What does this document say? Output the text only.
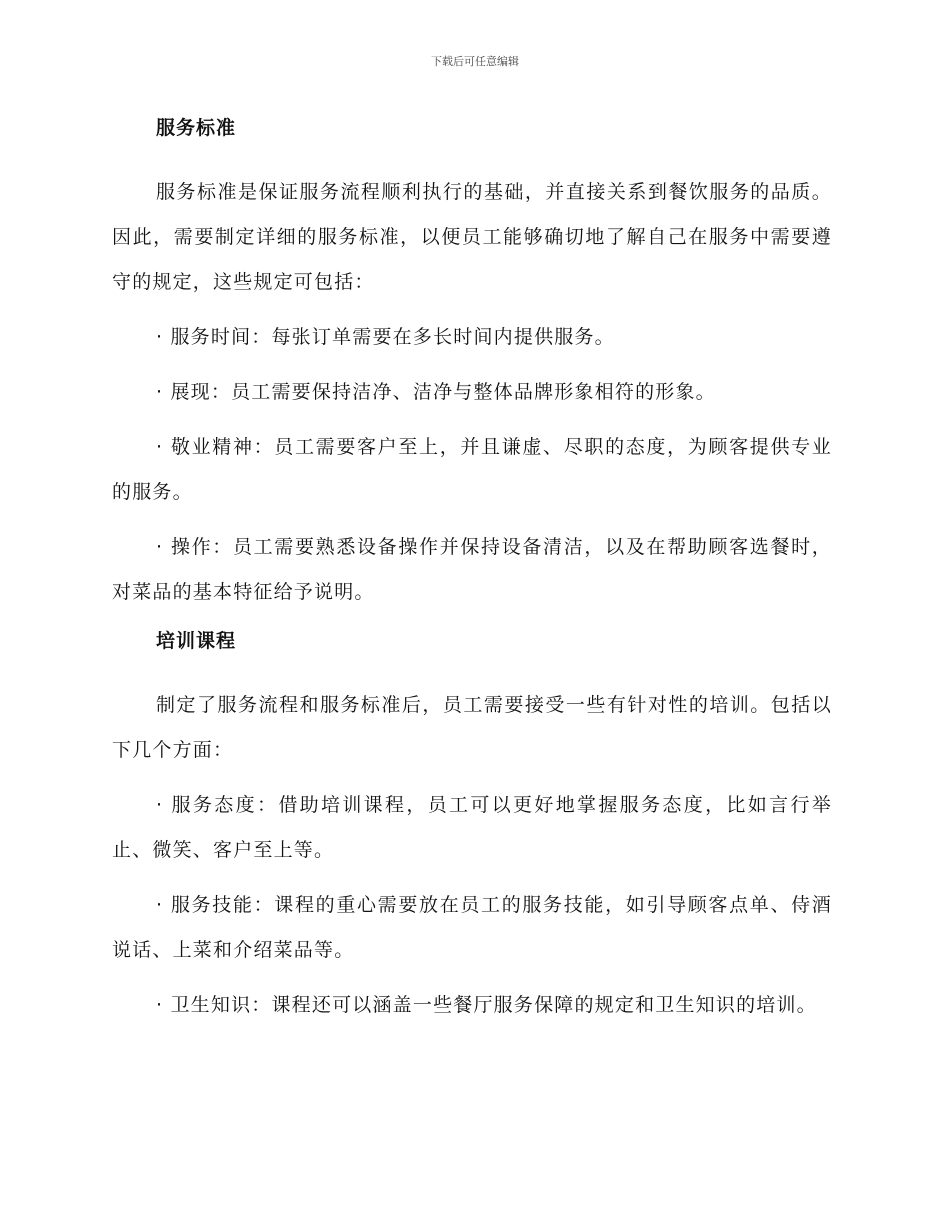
下载后可任意编辑
服务标准

服务标准是保证服务流程顺利执行的基础，并直接关系到餐饮服务的品质。因此，需要制定详细的服务标准，以便员工能够确切地了解自己在服务中需要遵守的规定，这些规定可包括：

· 服务时间：每张订单需要在多长时间内提供服务。

· 展现：员工需要保持洁净、洁净与整体品牌形象相符的形象。

· 敬业精神：员工需要客户至上，并且谦虚、尽职的态度，为顾客提供专业的服务。

· 操作：员工需要熟悉设备操作并保持设备清洁，以及在帮助顾客选餐时，对菜品的基本特征给予说明。

培训课程

制定了服务流程和服务标准后，员工需要接受一些有针对性的培训。包括以下几个方面：

· 服务态度：借助培训课程，员工可以更好地掌握服务态度，比如言行举止、微笑、客户至上等。

· 服务技能：课程的重心需要放在员工的服务技能，如引导顾客点单、侍酒说话、上菜和介绍菜品等。

· 卫生知识：课程还可以涵盖一些餐厅服务保障的规定和卫生知识的培训。
